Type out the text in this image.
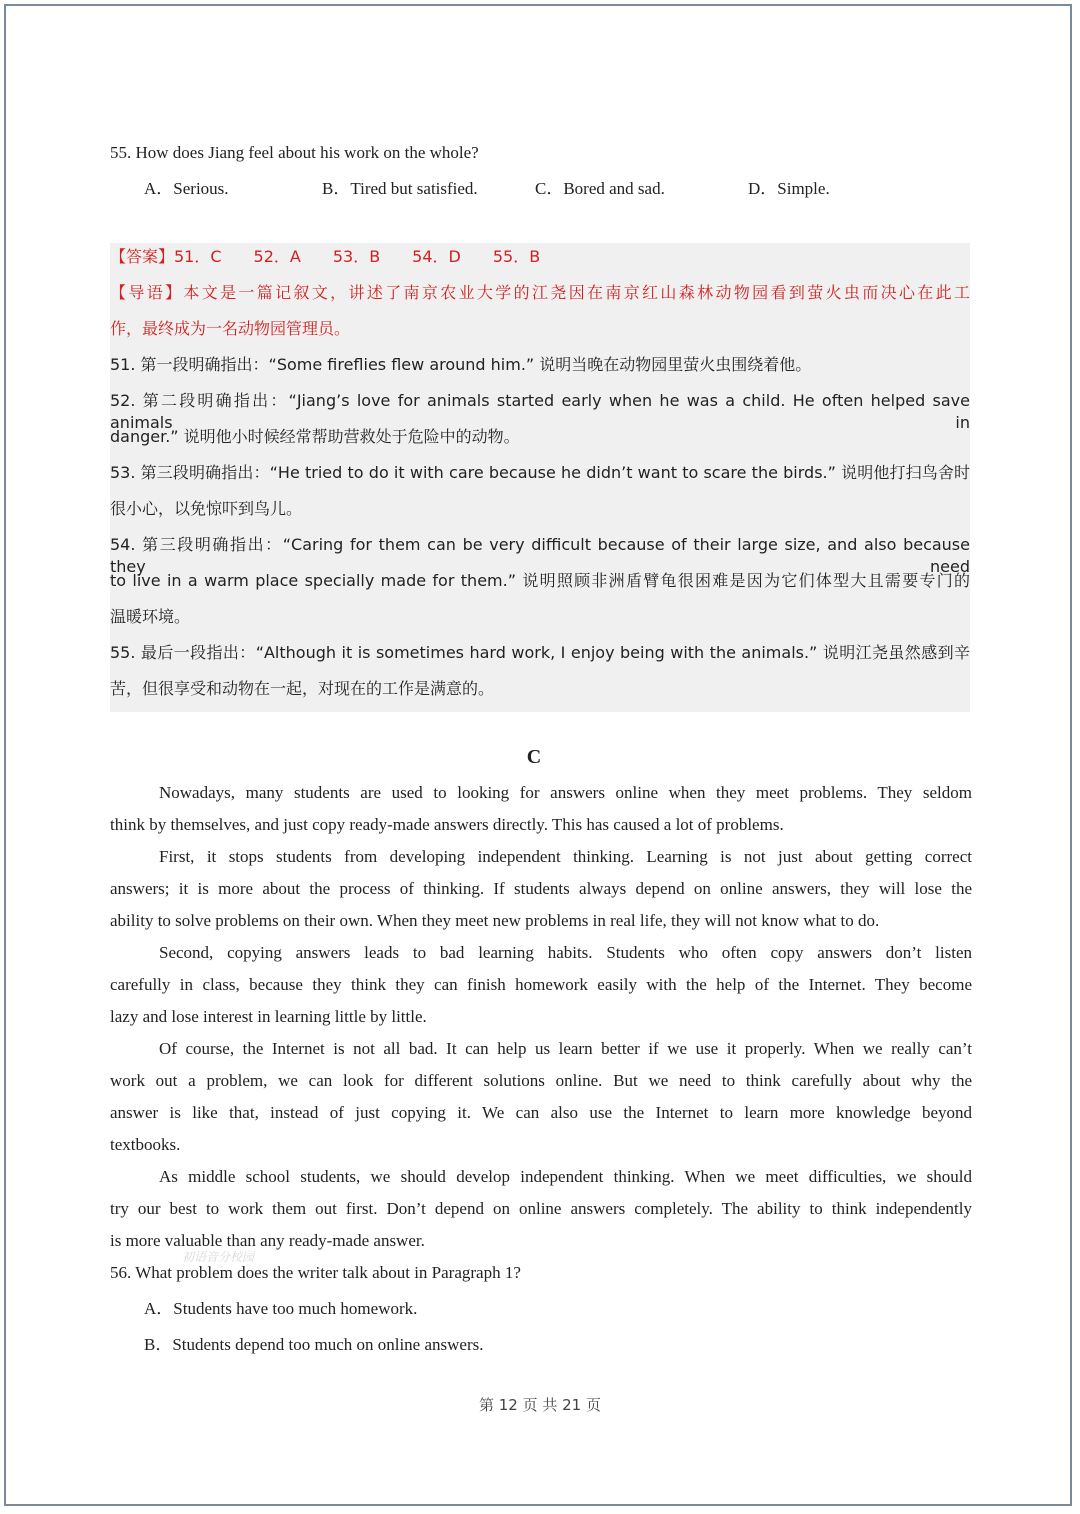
55. How does Jiang feel about his work on the whole?

A．Serious.	B．Tired but satisfied.	C．Bored and sad.	D．Simple.

【答案】51．C　　52．A　　53．B　　54．D　　55．B

【导语】本文是一篇记叙文，讲述了南京农业大学的江尧因在南京红山森林动物园看到萤火虫而决心在此工

作，最终成为一名动物园管理员。

51. 第一段明确指出：“Some fireflies flew around him.” 说明当晚在动物园里萤火虫围绕着他。

52. 第二段明确指出：“Jiang’s love for animals started early when he was a child. He often helped save animals in

danger.” 说明他小时候经常帮助营救处于危险中的动物。

53. 第三段明确指出：“He tried to do it with care because he didn’t want to scare the birds.” 说明他打扫鸟舍时

很小心，以免惊吓到鸟儿。

54. 第三段明确指出：“Caring for them can be very difficult because of their large size, and also because they need

to live in a warm place specially made for them.” 说明照顾非洲盾臂龟很困难是因为它们体型大且需要专门的

温暖环境。

55. 最后一段指出：“Although it is sometimes hard work, I enjoy being with the animals.” 说明江尧虽然感到辛

苦，但很享受和动物在一起，对现在的工作是满意的。

C

Nowadays, many students are used to looking for answers online when they meet problems. They seldom

think by themselves, and just copy ready-made answers directly. This has caused a lot of problems.

First, it stops students from developing independent thinking. Learning is not just about getting correct

answers; it is more about the process of thinking. If students always depend on online answers, they will lose the

ability to solve problems on their own. When they meet new problems in real life, they will not know what to do.

Second, copying answers leads to bad learning habits. Students who often copy answers don’t listen

carefully in class, because they think they can finish homework easily with the help of the Internet. They become

lazy and lose interest in learning little by little.

Of course, the Internet is not all bad. It can help us learn better if we use it properly. When we really can’t

work out a problem, we can look for different solutions online. But we need to think carefully about why the

answer is like that, instead of just copying it. We can also use the Internet to learn more knowledge beyond

textbooks.

As middle school students, we should develop independent thinking. When we meet difficulties, we should

try our best to work them out first. Don’t depend on online answers completely. The ability to think independently

is more valuable than any ready-made answer.

初语音分校园

56. What problem does the writer talk about in Paragraph 1?

A．Students have too much homework.

B．Students depend too much on online answers.

第 12 页 共 21 页
